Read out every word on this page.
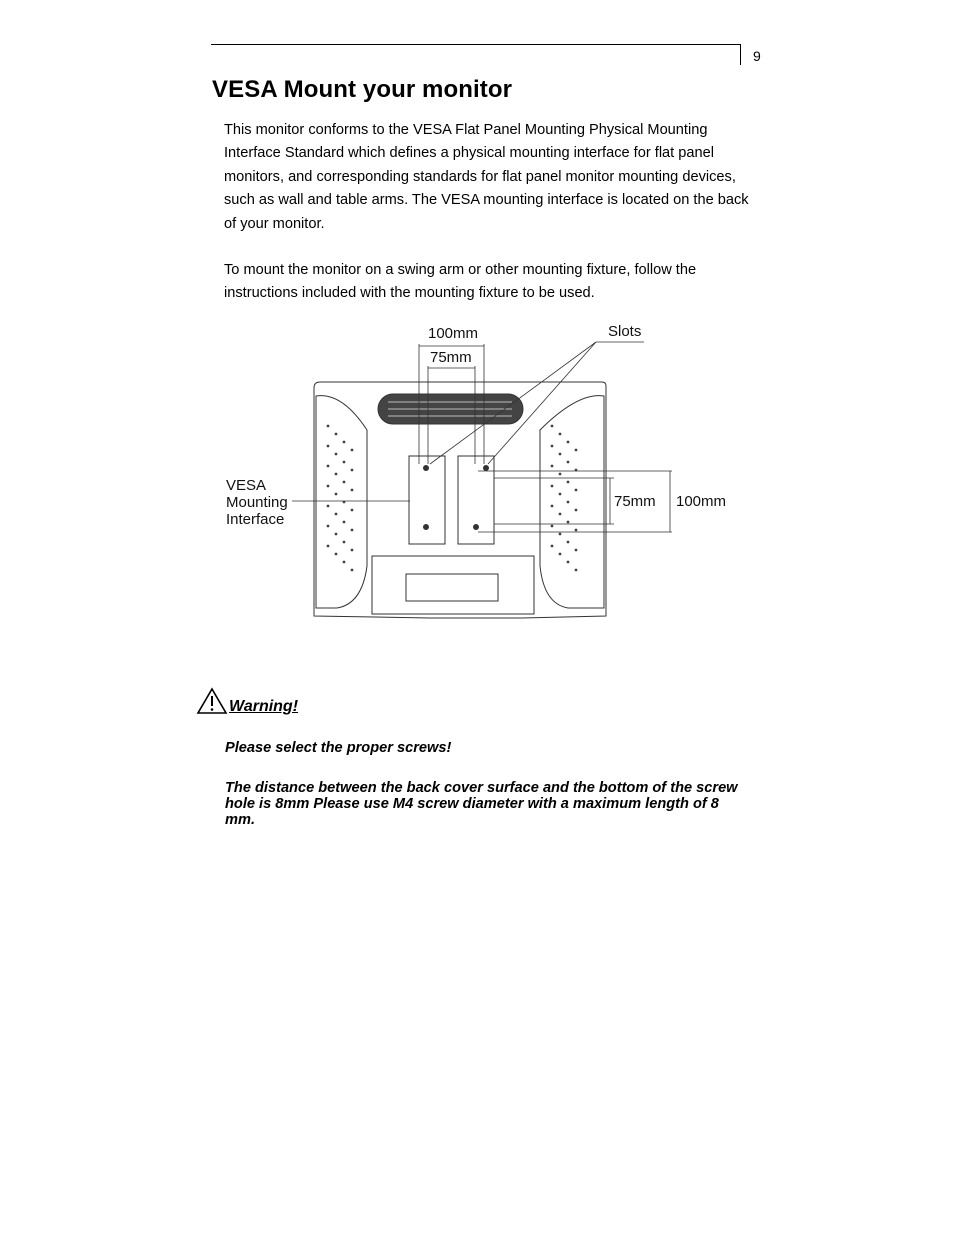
9
VESA Mount your monitor

This monitor conforms to the VESA Flat Panel Mounting Physical Mounting Interface Standard which defines a physical mounting interface for flat panel monitors, and corresponding standards for flat panel monitor mounting devices, such as wall and table arms. The VESA mounting interface is located on the back of your monitor.

To mount the monitor on a swing arm or other mounting fixture, follow the instructions included with the mounting fixture to be used.

100mm
75mm
Slots
VESA
Mounting
Interface
75mm 100mm
Warning!

Please select the proper screws!

The distance between the back cover surface and the bottom of the screw hole is 8mm Please use M4 screw diameter with a maximum length of 8 mm.
